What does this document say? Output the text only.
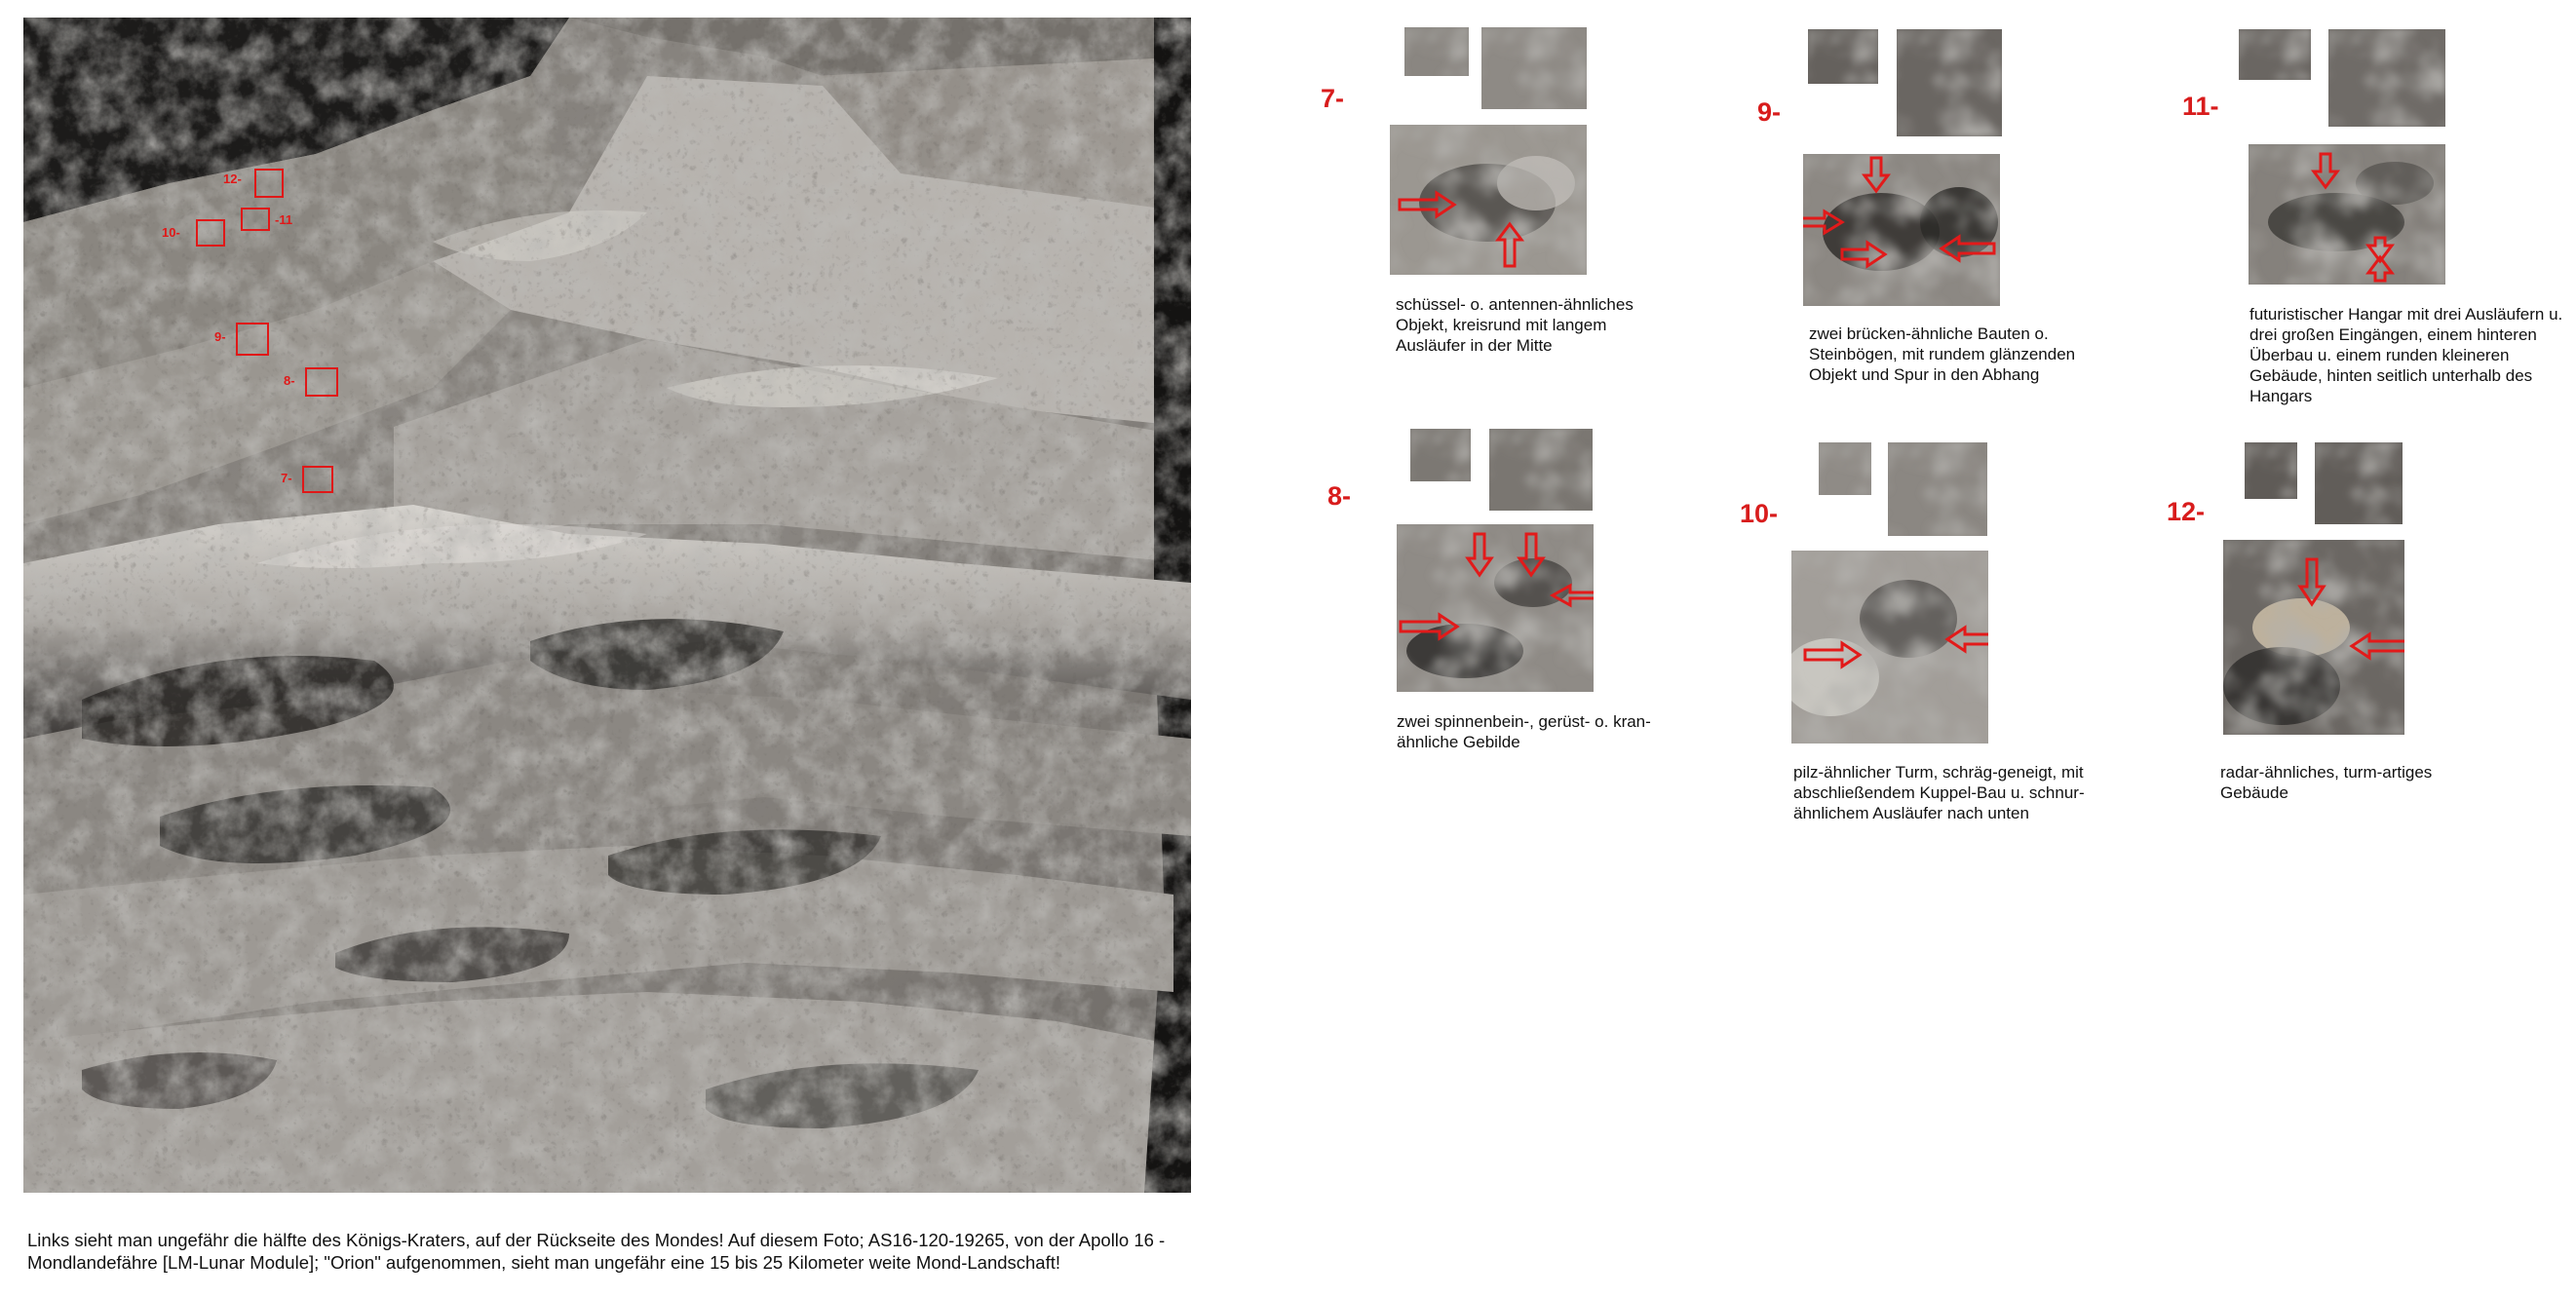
12-
-11
10-
9-
8-
7-

Links sieht man ungefähr die hälfte des Königs-Kraters, auf der Rückseite des Mondes! Auf diesem Foto; AS16-120-19265, von der Apollo 16 - Mondlandefähre [LM-Lunar Module]; "Orion" aufgenommen, sieht man ungefähr eine 15 bis 25 Kilometer weite Mond-Landschaft!

7-

schüssel- o. antennen-ähnliches Objekt, kreisrund mit langem Ausläufer in der Mitte

8-

zwei spinnenbein-, gerüst- o. kran-ähnliche Gebilde

9-

zwei brücken-ähnliche Bauten o. Steinbögen, mit rundem glänzenden Objekt und Spur in den Abhang

10-

pilz-ähnlicher Turm, schräg-geneigt, mit abschließendem Kuppel-Bau u. schnur-ähnlichem Ausläufer nach unten

11-

futuristischer Hangar mit drei Ausläufern u. drei großen Eingängen, einem hinteren Überbau u. einem runden kleineren Gebäude, hinten seitlich unterhalb des Hangars

12-

radar-ähnliches, turm-artiges Gebäude
